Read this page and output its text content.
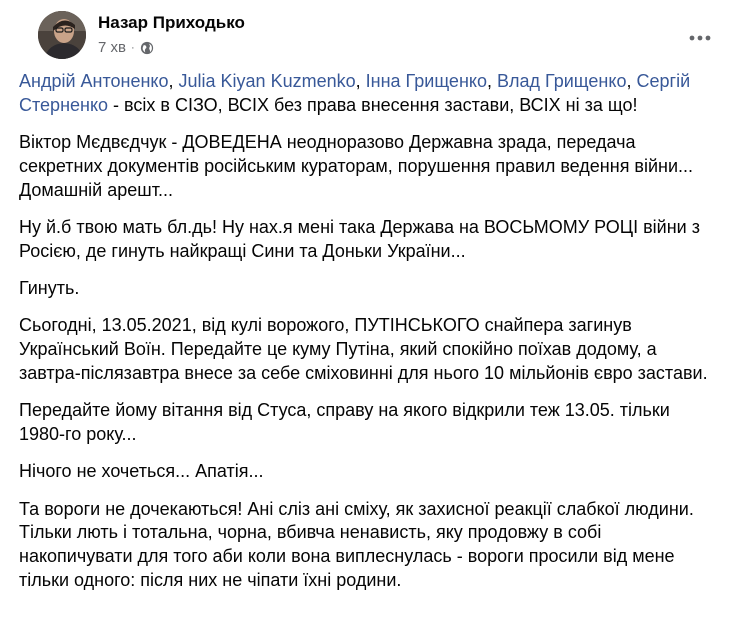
Назар Приходько
7 хв ·

Андрій Антоненко, Julia Kiyan Kuzmenko, Інна Грищенко, Влад Грищенко, Сергій Стерненко - всіх в СІЗО, ВСІХ без права внесення застави, ВСІХ ні за що!

Віктор Мєдвєдчук - ДОВЕДЕНА неодноразово Державна зрада, передача секретних документів російським кураторам, порушення правил ведення війни... Домашній арешт...

Ну й.б твою мать бл.дь! Ну нах.я мені така Держава на ВОСЬМОМУ РОЦІ війни з Росією, де гинуть найкращі Сини та Доньки України...

Гинуть.

Сьогодні, 13.05.2021, від кулі ворожого, ПУТІНСЬКОГО снайпера загинув Український Воїн. Передайте це куму Путіна, який спокійно поїхав додому, а завтра-післязавтра внесе за себе сміховинні для нього 10 мільйонів євро застави.

Передайте йому вітання від Стуса, справу на якого відкрили теж 13.05. тільки 1980-го року...

Нічого не хочеться... Апатія...

Та вороги не дочекаються! Ані сліз ані сміху, як захисної реакції слабкої людини. Тільки лють і тотальна, чорна, вбивча ненависть, яку продовжу в собі накопичувати для того аби коли вона виплеснулась - вороги просили від мене тільки одного: після них не чіпати їхні родини.
